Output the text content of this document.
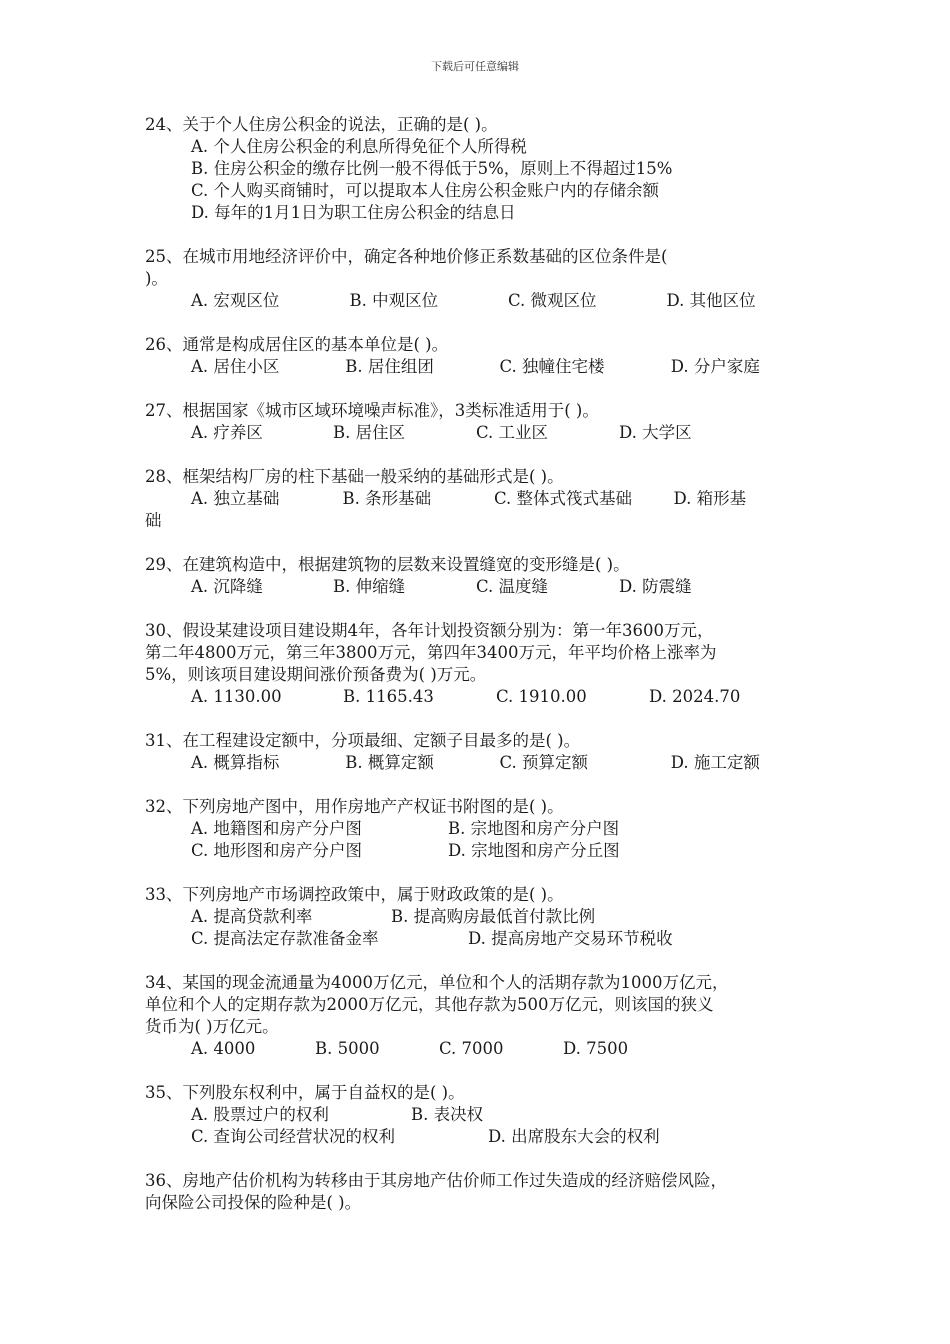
下载后可任意编辑
24、关于个人住房公积金的说法，正确的是( )。
A. 个人住房公积金的利息所得免征个人所得税
B. 住房公积金的缴存比例一般不得低于5%，原则上不得超过15%
C. 个人购买商铺时，可以提取本人住房公积金账户内的存储余额
D. 每年的1月1日为职工住房公积金的结息日
25、在城市用地经济评价中，确定各种地价修正系数基础的区位条件是(
)。
A. 宏观区位	B. 中观区位	C. 微观区位	D. 其他区位
26、通常是构成居住区的基本单位是( )。
A. 居住小区	B. 居住组团	C. 独幢住宅楼	D. 分户家庭
27、根据国家《城市区域环境噪声标准》，3类标准适用于( )。
A. 疗养区	B. 居住区	C. 工业区	D. 大学区
28、框架结构厂房的柱下基础一般采纳的基础形式是( )。
A. 独立基础	B. 条形基础	C. 整体式筏式基础	D. 箱形基
础
29、在建筑构造中，根据建筑物的层数来设置缝宽的变形缝是( )。
A. 沉降缝	B. 伸缩缝	C. 温度缝	D. 防震缝
30、假设某建设项目建设期4年，各年计划投资额分别为：第一年3600万元，
第二年4800万元，第三年3800万元，第四年3400万元，年平均价格上涨率为
5%，则该项目建设期间涨价预备费为( )万元。
A. 1130.00	B. 1165.43	C. 1910.00	D. 2024.70
31、在工程建设定额中，分项最细、定额子目最多的是( )。
A. 概算指标	B. 概算定额	C. 预算定额	D. 施工定额
32、下列房地产图中，用作房地产产权证书附图的是( )。
A. 地籍图和房产分户图	B. 宗地图和房产分户图
C. 地形图和房产分户图	D. 宗地图和房产分丘图
33、下列房地产市场调控政策中，属于财政政策的是( )。
A. 提高贷款利率	B. 提高购房最低首付款比例
C. 提高法定存款准备金率	D. 提高房地产交易环节税收
34、某国的现金流通量为4000万亿元，单位和个人的活期存款为1000万亿元，
单位和个人的定期存款为2000万亿元，其他存款为500万亿元，则该国的狭义
货币为( )万亿元。
A. 4000	B. 5000	C. 7000	D. 7500
35、下列股东权利中，属于自益权的是( )。
A. 股票过户的权利	B. 表决权
C. 查询公司经营状况的权利	D. 出席股东大会的权利
36、房地产估价机构为转移由于其房地产估价师工作过失造成的经济赔偿风险，
向保险公司投保的险种是( )。
